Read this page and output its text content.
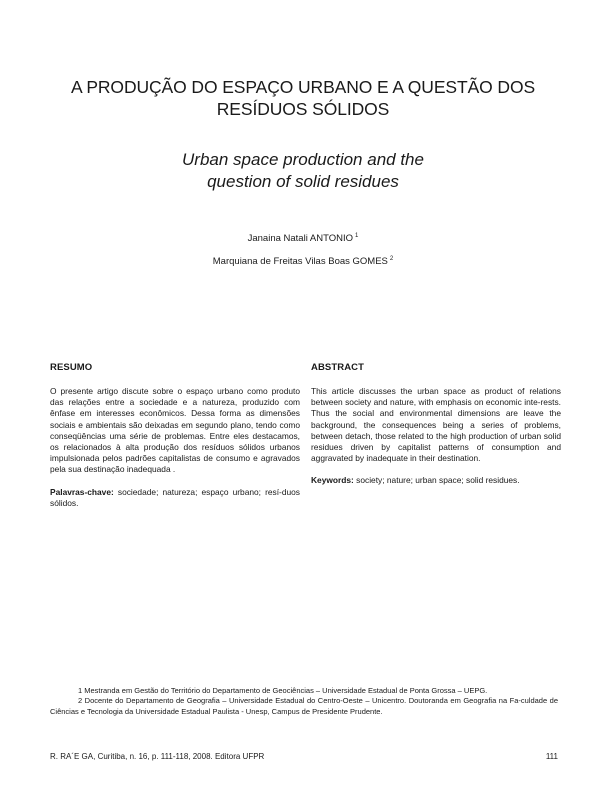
A PRODUÇÃO DO ESPAÇO URBANO E A QUESTÃO DOS
RESÍDUOS SÓLIDOS
Urban space production and the
question of solid residues
Janaina Natali ANTONIO $^1$
Marquiana de Freitas Vilas Boas GOMES $^2$
RESUMO

O presente artigo discute sobre o espaço urbano como produto das relações entre a sociedade e a natureza, produzido com ênfase em interesses econômicos. Dessa forma as dimensões sociais e ambientais são deixadas em segundo plano, tendo como conseqüências uma série de problemas. Entre eles destacamos, os relacionados à alta produção dos resíduos sólidos urbanos impulsionada pelos padrões capitalistas de consumo e agravados pela sua destinação inadequada .

Palavras-chave: sociedade; natureza; espaço urbano; resí-duos sólidos.

ABSTRACT

This article discusses the urban space as product of relations between society and nature, with emphasis on economic inte-rests. Thus the social and environmental dimensions are leave the background, the consequences being a series of problems, between detach, those related to the high production of urban solid residues driven by capitalist patterns of consumption and aggravated by inadequate in their destination.

Keywords: society; nature; urban space; solid residues.

1 Mestranda em Gestão do Território do Departamento de Geociências – Universidade Estadual de Ponta Grossa – UEPG.
2 Docente do Departamento de Geografia – Universidade Estadual do Centro-Oeste – Unicentro. Doutoranda em Geografia na Fa-culdade de Ciências e Tecnologia da Universidade Estadual Paulista - Unesp, Campus de Presidente Prudente.
R. RA´E GA, Curitiba, n. 16, p. 111-118, 2008. Editora UFPR	111
